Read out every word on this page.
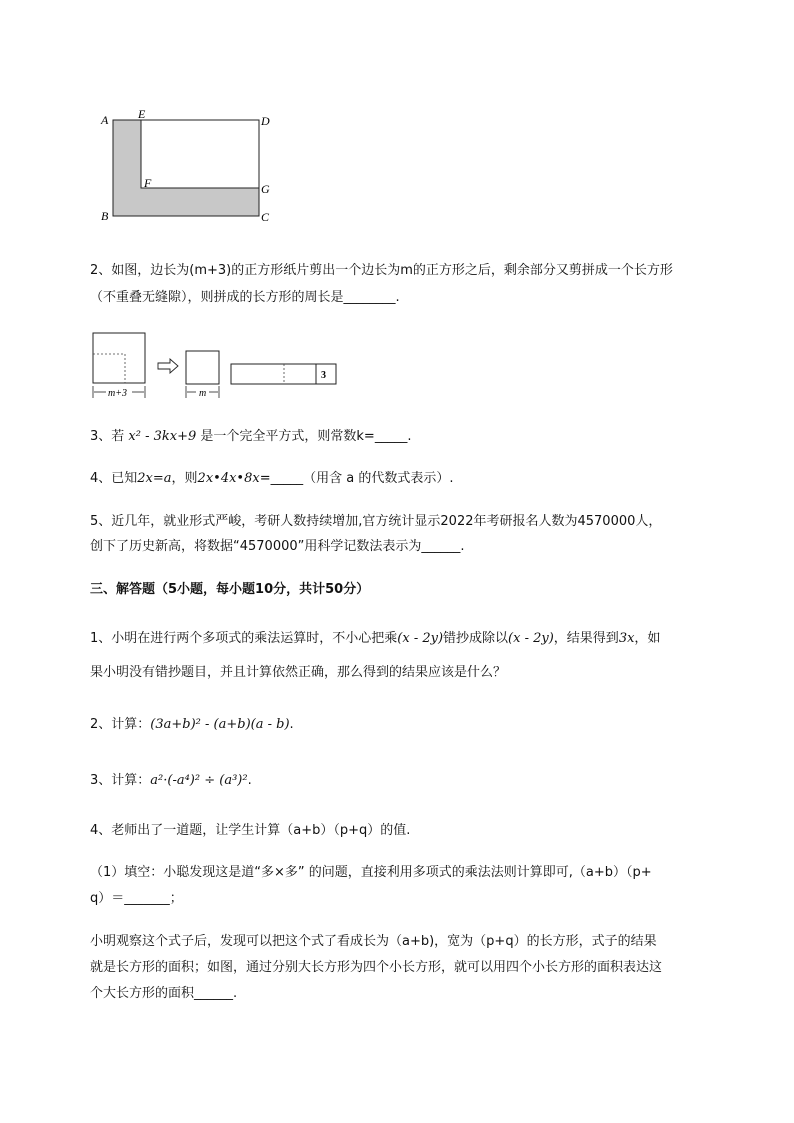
A E	D
F	G
B	C
2、如图，边长为(m+3)的正方形纸片剪出一个边长为m的正方形之后，剩余部分又剪拼成一个长方形
（不重叠无缝隙），则拼成的长方形的周长是________.
m+3	m
3
3、若 x² - 3kx+9 是一个完全平方式，则常数k=_____.
4、已知2x=a，则2x•4x•8x=_____（用含 a 的代数式表示）.
5、近几年，就业形式严峻，考研人数持续增加,官方统计显示2022年考研报名人数为4570000人，
创下了历史新高，将数据“4570000”用科学记数法表示为______.
三、解答题（5小题，每小题10分，共计50分）
1、小明在进行两个多项式的乘法运算时，不小心把乘(x - 2y)错抄成除以(x - 2y)，结果得到3x，如
果小明没有错抄题目，并且计算依然正确，那么得到的结果应该是什么？
2、计算：(3a+b)² - (a+b)(a - b).
3、计算：a²·(-a⁴)² ÷ (a³)².
4、老师出了一道题，让学生计算（a+b）（p+q）的值.
（1）填空：小聪发现这是道“多×多” 的问题，直接利用多项式的乘法法则计算即可,（a+b）（p+
q）＝_______；
小明观察这个式子后，发现可以把这个式了看成长为（a+b)，宽为（p+q）的长方形，式子的结果
就是长方形的面积；如图，通过分别大长方形为四个小长方形，就可以用四个小长方形的面积表达这
个大长方形的面积______.
